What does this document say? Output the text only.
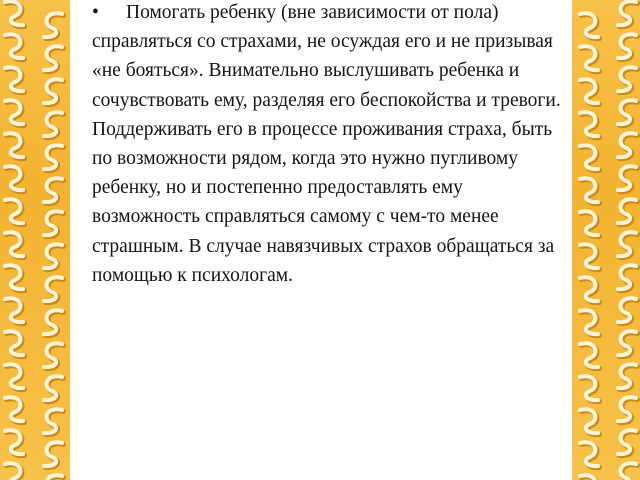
• Помогать ребенку (вне зависимости от пола) справляться со страхами, не осуждая его и не призывая «не бояться». Внимательно выслушивать ребенка и сочувствовать ему, разделяя его беспокойства и тревоги. Поддерживать его в процессе проживания страха, быть по возможности рядом, когда это нужно пугливому ребенку, но и постепенно предоставлять ему возможность справляться самому с чем-то менее страшным. В случае навязчивых страхов обращаться за помощью к психологам.
